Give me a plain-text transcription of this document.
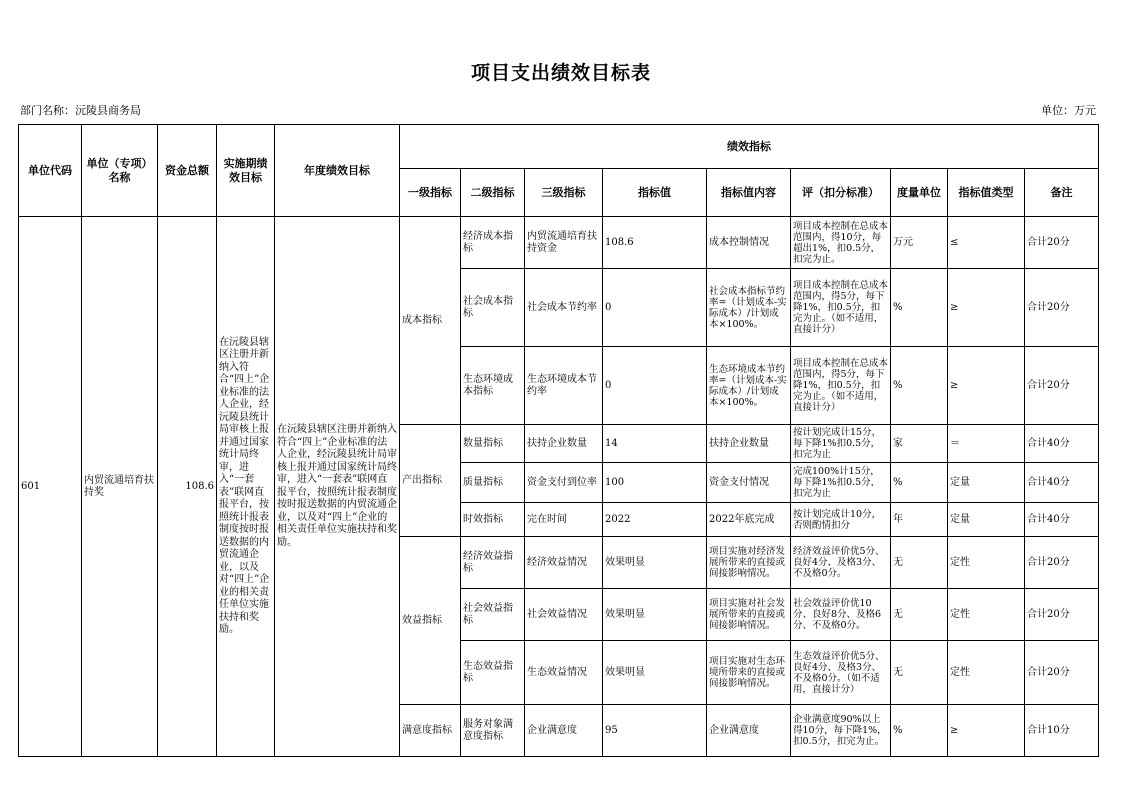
项目支出绩效目标表
部门名称：沅陵县商务局	单位：万元
单位代码	单位（专项）名称	资金总额	实施期绩效目标	年度绩效目标	绩效指标								
					一级指标	二级指标	三级指标	指标值	指标值内容	评（扣分标准）	度量单位	指标值类型	备注
601	内贸流通培育扶持奖	108.6	在沅陵县辖区注册并新纳入符合“四上”企业标准的法人企业，经沅陵县统计局审核上报并通过国家统计局终审，进入“一套表”联网直报平台，按照统计报表制度按时报送数据的内贸流通企业，以及对“四上”企业的相关责任单位实施扶持和奖励。	在沅陵县辖区注册并新纳入符合“四上”企业标准的法人企业，经沅陵县统计局审核上报并通过国家统计局终审，进入“一套表”联网直报平台，按照统计报表制度按时报送数据的内贸流通企业，以及对“四上”企业的相关责任单位实施扶持和奖励。	成本指标	经济成本指标	内贸流通培育扶持资金	108.6	成本控制情况	项目成本控制在总成本范围内，得10分，每超出1%，扣0.5分，扣完为止。	万元	≤	合计20分
						社会成本指标	社会成本节约率	0	社会成本指标节约率=（计划成本-实际成本）/计划成本×100%。	项目成本控制在总成本范围内，得5分，每下降1%，扣0.5分，扣完为止。（如不适用，直接计分）	%	≥	合计20分
						生态环境成本指标	生态环境成本节约率	0	生态环境成本节约率=（计划成本-实际成本）/计划成本×100%。	项目成本控制在总成本范围内，得5分，每下降1%，扣0.5分，扣完为止。（如不适用，直接计分）	%	≥	合计20分
					产出指标	数量指标	扶持企业数量	14	扶持企业数量	按计划完成计15分，每下降1%扣0.5分，扣完为止	家	＝	合计40分
						质量指标	资金支付到位率	100	资金支付情况	完成100%计15分，每下降1%扣0.5分，扣完为止	%	定量	合计40分
						时效指标	完在时间	2022	2022年底完成	按计划完成计10分，否则酌情扣分	年	定量	合计40分
					效益指标	经济效益指标	经济效益情况	效果明显	项目实施对经济发展所带来的直接或间接影响情况。	经济效益评价优5分、良好4分、及格3分、不及格0分。	无	定性	合计20分
						社会效益指标	社会效益情况	效果明显	项目实施对社会发展所带来的直接或间接影响情况。	社会效益评价优10分、良好8分、及格6分、不及格0分。	无	定性	合计20分
						生态效益指标	生态效益情况	效果明显	项目实施对生态环境所带来的直接或间接影响情况。	生态效益评价优5分、良好4分、及格3分、不及格0分。（如不适用，直接计分）	无	定性	合计20分
					满意度指标	服务对象满意度指标	企业满意度	95	企业满意度	企业满意度90%以上得10分，每下降1%，扣0.5分，扣完为止。	%	≥	合计10分
